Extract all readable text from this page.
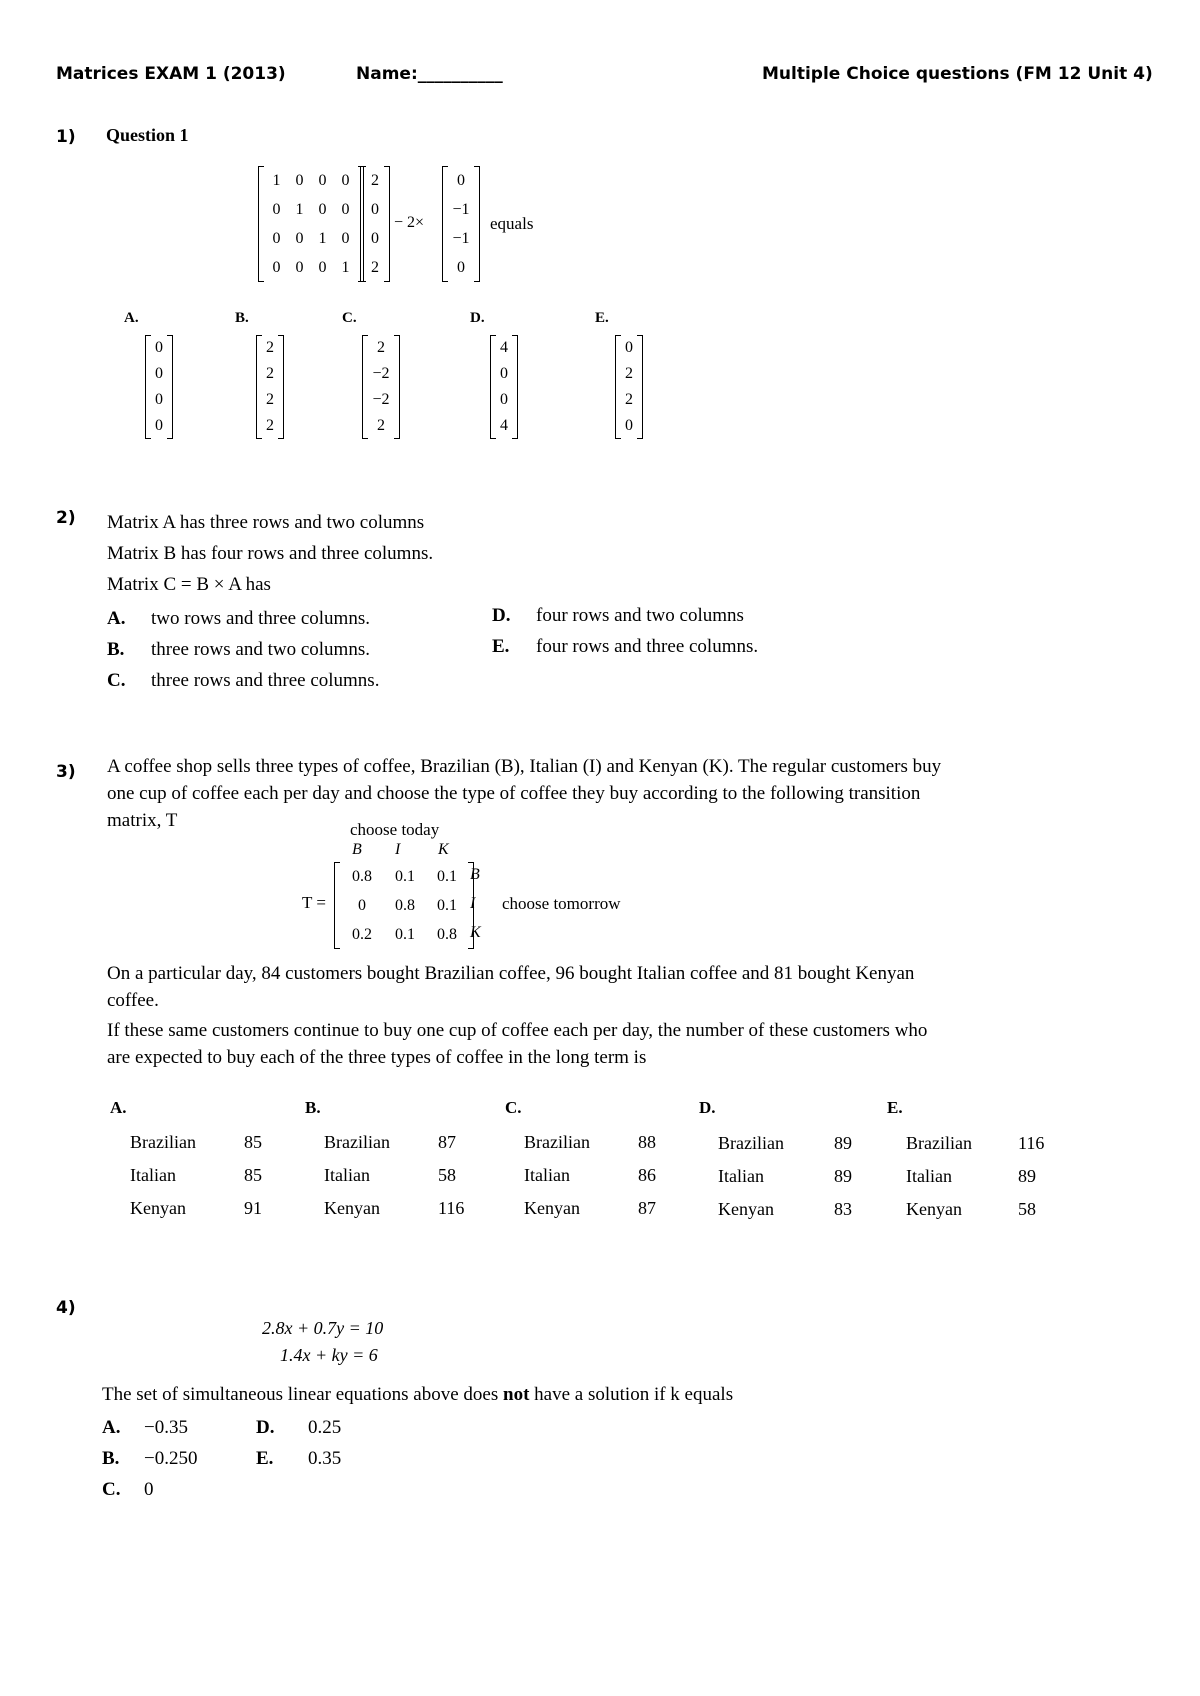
Matrices EXAM 1 (2013)	Name:__________	Multiple Choice questions (FM 12 Unit 4)
1) Question 1
1	0	0	0
0	1	0	0
0	0	1	0
0	0	0	1
2
0
0
2
− 2×
0
−1
−1
0
equals
A.
0
0
0
0
B.
2
2
2
2
C.
2
−2
−2
2
D.
4
0
0
4
E.
0
2
2
0
2) Matrix A has three rows and two columns
Matrix B has four rows and three columns.
Matrix C = B × A has
A.	two rows and three columns.
B.	three rows and two columns.
C.	three rows and three columns.
D.	four rows and two columns
E.	four rows and three columns.
3) A coffee shop sells three types of coffee, Brazilian (B), Italian (I) and Kenyan (K). The regular customers buy
one cup of coffee each per day and choose the type of coffee they buy according to the following transition
matrix, T	choose today
B I K
T =
0.8	0.1	0.1
0	0.8	0.1
0.2	0.1	0.8
B
I
K
choose tomorrow
On a particular day, 84 customers bought Brazilian coffee, 96 bought Italian coffee and 81 bought Kenyan
coffee.
If these same customers continue to buy one cup of coffee each per day, the number of these customers who
are expected to buy each of the three types of coffee in the long term is
A.
Brazilian	85
Italian	85
Kenyan	91
B.
Brazilian	87
Italian	58
Kenyan	116
C.
Brazilian	88
Italian	86
Kenyan	87
D.
Brazilian	89
Italian	89
Kenyan	83
E.
Brazilian	116
Italian	89
Kenyan	58
4)
2.8x + 0.7y = 10
1.4x + ky = 6
The set of simultaneous linear equations above does not have a solution if k equals
A.	−0.35
B.	−0.250
C.	0
D.	0.25
E.	0.35
